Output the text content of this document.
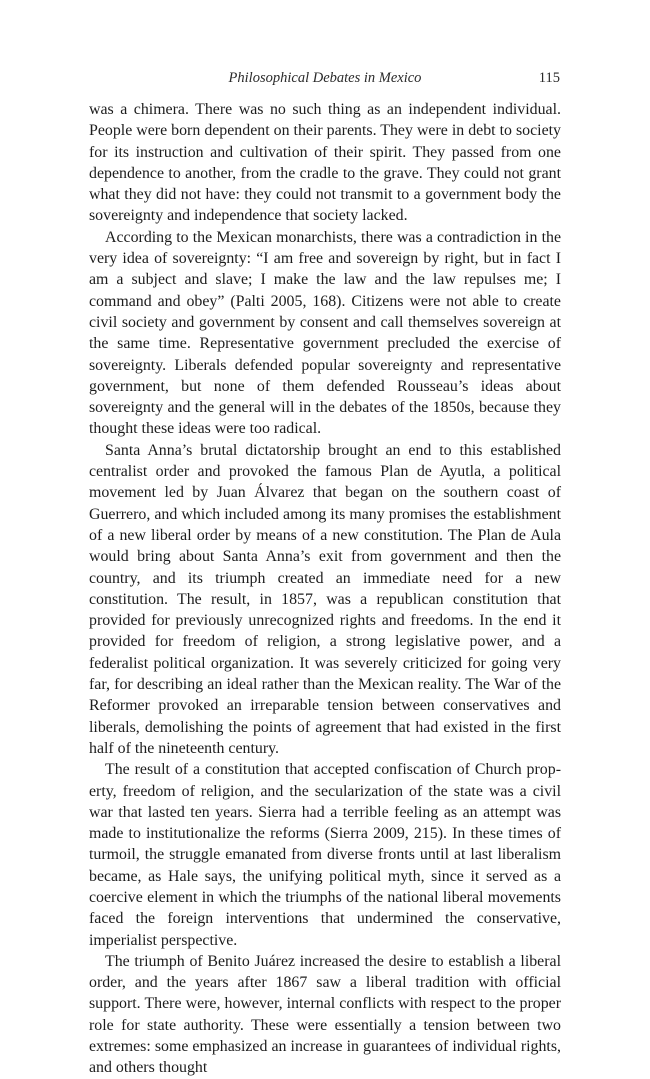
Philosophical Debates in Mexico	115

was a chimera. There was no such thing as an independent individual. People were born dependent on their parents. They were in debt to society for its instruction and cultivation of their spirit. They passed from one dependence to another, from the cradle to the grave. They could not grant what they did not have: they could not transmit to a government body the sovereignty and independence that society lacked.

According to the Mexican monarchists, there was a contradiction in the very idea of sovereignty: “I am free and sovereign by right, but in fact I am a subject and slave; I make the law and the law repulses me; I command and obey” (Palti 2005, 168). Citizens were not able to create civil society and government by consent and call themselves sovereign at the same time. Representative government precluded the exercise of sovereignty. Liberals defended popular sovereignty and representative government, but none of them defended Rousseau’s ideas about sovereignty and the general will in the debates of the 1850s, because they thought these ideas were too radical.

Santa Anna’s brutal dictatorship brought an end to this established centralist order and provoked the famous Plan de Ayutla, a political movement led by Juan Álvarez that began on the southern coast of Guerrero, and which included among its many promises the establishment of a new liberal order by means of a new constitution. The Plan de Aula would bring about Santa Anna’s exit from government and then the country, and its triumph created an immediate need for a new constitution. The result, in 1857, was a republican constitution that provided for previously unrecognized rights and freedoms. In the end it provided for freedom of religion, a strong legislative power, and a federalist political organization. It was severely criticized for going very far, for describing an ideal rather than the Mexican reality. The War of the Reformer provoked an irreparable tension between conservatives and liberals, demolishing the points of agreement that had existed in the first half of the nineteenth century.

The result of a constitution that accepted confiscation of Church property, freedom of religion, and the secularization of the state was a civil war that lasted ten years. Sierra had a terrible feeling as an attempt was made to institutionalize the reforms (Sierra 2009, 215). In these times of turmoil, the struggle emanated from diverse fronts until at last liberalism became, as Hale says, the unifying political myth, since it served as a coercive element in which the triumphs of the national liberal movements faced the foreign interventions that undermined the conservative, imperialist perspective.

The triumph of Benito Juárez increased the desire to establish a liberal order, and the years after 1867 saw a liberal tradition with official support. There were, however, internal conflicts with respect to the proper role for state authority. These were essentially a tension between two extremes: some emphasized an increase in guarantees of individual rights, and others thought
